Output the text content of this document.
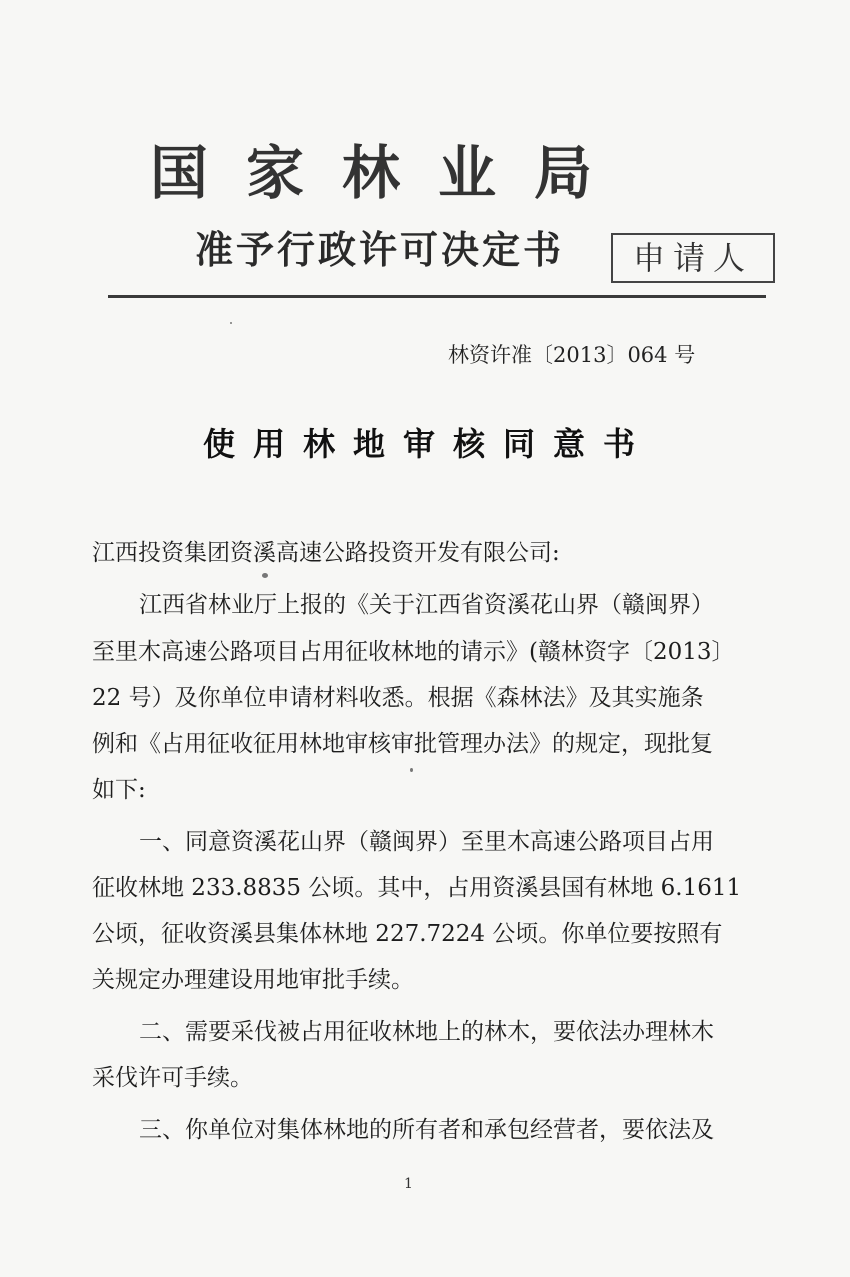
国家林业局
准予行政许可决定书	申请人
林资许准〔2013〕064 号
使用林地审核同意书
江西投资集团资溪高速公路投资开发有限公司:
江西省林业厅上报的《关于江西省资溪花山界（赣闽界）
至里木高速公路项目占用征收林地的请示》(赣林资字〔2013〕
22 号）及你单位申请材料收悉。根据《森林法》及其实施条
例和《占用征收征用林地审核审批管理办法》的规定，现批复
如下:
一、同意资溪花山界（赣闽界）至里木高速公路项目占用
征收林地 233.8835 公顷。其中，占用资溪县国有林地 6.1611
公顷，征收资溪县集体林地 227.7224 公顷。你单位要按照有
关规定办理建设用地审批手续。
二、需要采伐被占用征收林地上的林木，要依法办理林木
采伐许可手续。
三、你单位对集体林地的所有者和承包经营者，要依法及
1
